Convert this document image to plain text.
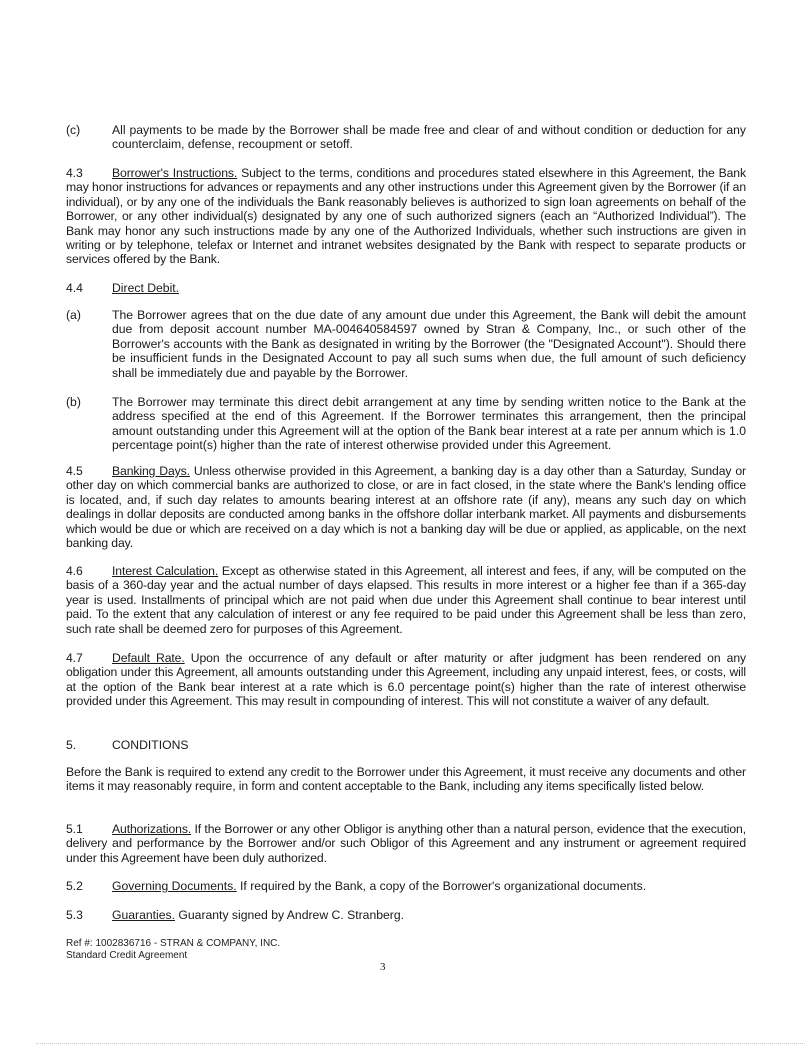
(c)	All payments to be made by the Borrower shall be made free and clear of and without condition or deduction for any counterclaim, defense, recoupment or setoff.
4.3 Borrower's Instructions. Subject to the terms, conditions and procedures stated elsewhere in this Agreement, the Bank may honor instructions for advances or repayments and any other instructions under this Agreement given by the Borrower (if an individual), or by any one of the individuals the Bank reasonably believes is authorized to sign loan agreements on behalf of the Borrower, or any other individual(s) designated by any one of such authorized signers (each an “Authorized Individual”). The Bank may honor any such instructions made by any one of the Authorized Individuals, whether such instructions are given in writing or by telephone, telefax or Internet and intranet websites designated by the Bank with respect to separate products or services offered by the Bank.
4.4 Direct Debit.
(a)	The Borrower agrees that on the due date of any amount due under this Agreement, the Bank will debit the amount due from deposit account number MA-004640584597 owned by Stran & Company, Inc., or such other of the Borrower's accounts with the Bank as designated in writing by the Borrower (the "Designated Account"). Should there be insufficient funds in the Designated Account to pay all such sums when due, the full amount of such deficiency shall be immediately due and payable by the Borrower.
(b)	The Borrower may terminate this direct debit arrangement at any time by sending written notice to the Bank at the address specified at the end of this Agreement. If the Borrower terminates this arrangement, then the principal amount outstanding under this Agreement will at the option of the Bank bear interest at a rate per annum which is 1.0 percentage point(s) higher than the rate of interest otherwise provided under this Agreement.
4.5 Banking Days. Unless otherwise provided in this Agreement, a banking day is a day other than a Saturday, Sunday or other day on which commercial banks are authorized to close, or are in fact closed, in the state where the Bank's lending office is located, and, if such day relates to amounts bearing interest at an offshore rate (if any), means any such day on which dealings in dollar deposits are conducted among banks in the offshore dollar interbank market. All payments and disbursements which would be due or which are received on a day which is not a banking day will be due or applied, as applicable, on the next banking day.
4.6 Interest Calculation. Except as otherwise stated in this Agreement, all interest and fees, if any, will be computed on the basis of a 360-day year and the actual number of days elapsed. This results in more interest or a higher fee than if a 365-day year is used. Installments of principal which are not paid when due under this Agreement shall continue to bear interest until paid. To the extent that any calculation of interest or any fee required to be paid under this Agreement shall be less than zero, such rate shall be deemed zero for purposes of this Agreement.
4.7 Default Rate. Upon the occurrence of any default or after maturity or after judgment has been rendered on any obligation under this Agreement, all amounts outstanding under this Agreement, including any unpaid interest, fees, or costs, will at the option of the Bank bear interest at a rate which is 6.0 percentage point(s) higher than the rate of interest otherwise provided under this Agreement. This may result in compounding of interest. This will not constitute a waiver of any default.
5.	CONDITIONS
Before the Bank is required to extend any credit to the Borrower under this Agreement, it must receive any documents and other items it may reasonably require, in form and content acceptable to the Bank, including any items specifically listed below.
5.1 Authorizations. If the Borrower or any other Obligor is anything other than a natural person, evidence that the execution, delivery and performance by the Borrower and/or such Obligor of this Agreement and any instrument or agreement required under this Agreement have been duly authorized.
5.2 Governing Documents. If required by the Bank, a copy of the Borrower's organizational documents.
5.3 Guaranties. Guaranty signed by Andrew C. Stranberg.
Ref #: 1002836716 - STRAN & COMPANY, INC.
Standard Credit Agreement
3
